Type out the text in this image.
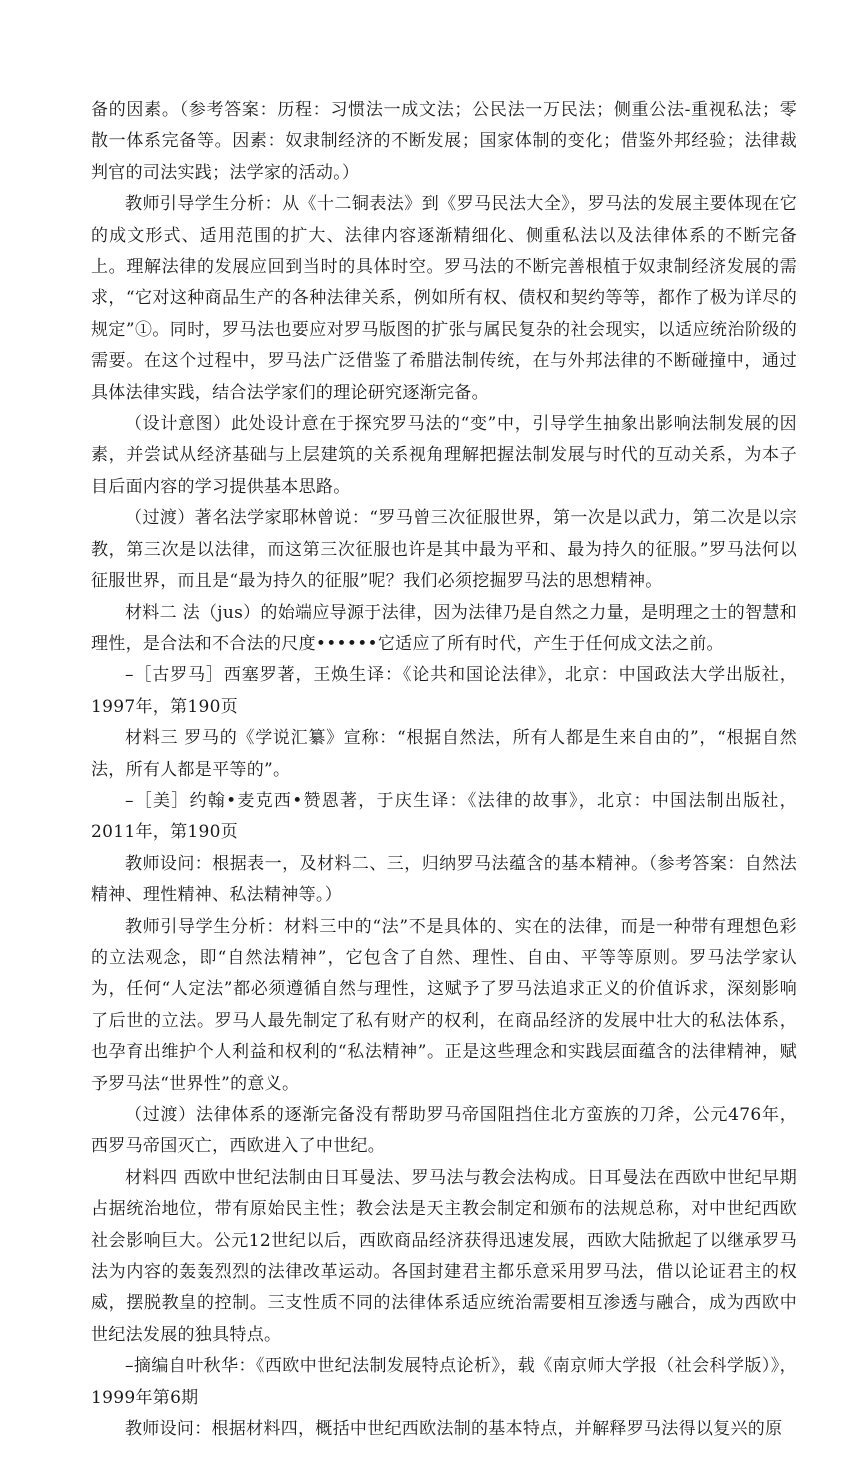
备的因素。（参考答案：历程：习惯法一成文法；公民法一万民法；侧重公法-重视私法；零散一体系完备等。因素：奴隶制经济的不断发展；国家体制的变化；借鉴外邦经验；法律裁判官的司法实践；法学家的活动。）

教师引导学生分析：从《十二铜表法》到《罗马民法大全》，罗马法的发展主要体现在它的成文形式、适用范围的扩大、法律内容逐渐精细化、侧重私法以及法律体系的不断完备上。理解法律的发展应回到当时的具体时空。罗马法的不断完善根植于奴隶制经济发展的需求，“它对这种商品生产的各种法律关系，例如所有权、债权和契约等等，都作了极为详尽的规定”①。同时，罗马法也要应对罗马版图的扩张与属民复杂的社会现实，以适应统治阶级的需要。在这个过程中，罗马法广泛借鉴了希腊法制传统，在与外邦法律的不断碰撞中，通过具体法律实践，结合法学家们的理论研究逐渐完备。

（设计意图）此处设计意在于探究罗马法的“变”中，引导学生抽象出影响法制发展的因素，并尝试从经济基础与上层建筑的关系视角理解把握法制发展与时代的互动关系，为本子目后面内容的学习提供基本思路。

（过渡）著名法学家耶林曾说：“罗马曾三次征服世界，第一次是以武力，第二次是以宗教，第三次是以法律，而这第三次征服也许是其中最为平和、最为持久的征服。”罗马法何以征服世界，而且是“最为持久的征服”呢？我们必须挖掘罗马法的思想精神。

材料二 法（jus）的始端应导源于法律，因为法律乃是自然之力量，是明理之士的智慧和理性，是合法和不合法的尺度••••••它适应了所有时代，产生于任何成文法之前。

–［古罗马］西塞罗著，王焕生译：《论共和国论法律》，北京：中国政法大学出版社，1997年，第190页

材料三 罗马的《学说汇纂》宣称：“根据自然法，所有人都是生来自由的”，“根据自然法，所有人都是平等的”。

–［美］约翰•麦克西•赞恩著，于庆生译：《法律的故事》，北京：中国法制出版社，2011年，第190页

教师设问：根据表一，及材料二、三，归纳罗马法蕴含的基本精神。（参考答案：自然法精神、理性精神、私法精神等。）

教师引导学生分析：材料三中的“法”不是具体的、实在的法律，而是一种带有理想色彩的立法观念，即“自然法精神”，它包含了自然、理性、自由、平等等原则。罗马法学家认为，任何“人定法”都必须遵循自然与理性，这赋予了罗马法追求正义的价值诉求，深刻影响了后世的立法。罗马人最先制定了私有财产的权利，在商品经济的发展中壮大的私法体系，也孕育出维护个人利益和权利的“私法精神”。正是这些理念和实践层面蕴含的法律精神，赋予罗马法“世界性”的意义。

（过渡）法律体系的逐渐完备没有帮助罗马帝国阻挡住北方蛮族的刀斧，公元476年，西罗马帝国灭亡，西欧进入了中世纪。

材料四 西欧中世纪法制由日耳曼法、罗马法与教会法构成。日耳曼法在西欧中世纪早期占据统治地位，带有原始民主性；教会法是天主教会制定和颁布的法规总称，对中世纪西欧社会影响巨大。公元12世纪以后，西欧商品经济获得迅速发展，西欧大陆掀起了以继承罗马法为内容的轰轰烈烈的法律改革运动。各国封建君主都乐意采用罗马法，借以论证君主的权威，摆脱教皇的控制。三支性质不同的法律体系适应统治需要相互渗透与融合，成为西欧中世纪法发展的独具特点。

–摘编自叶秋华：《西欧中世纪法制发展特点论析》，载《南京师大学报（社会科学版）》，1999年第6期

教师设问：根据材料四，概括中世纪西欧法制的基本特点，并解释罗马法得以复兴的原
